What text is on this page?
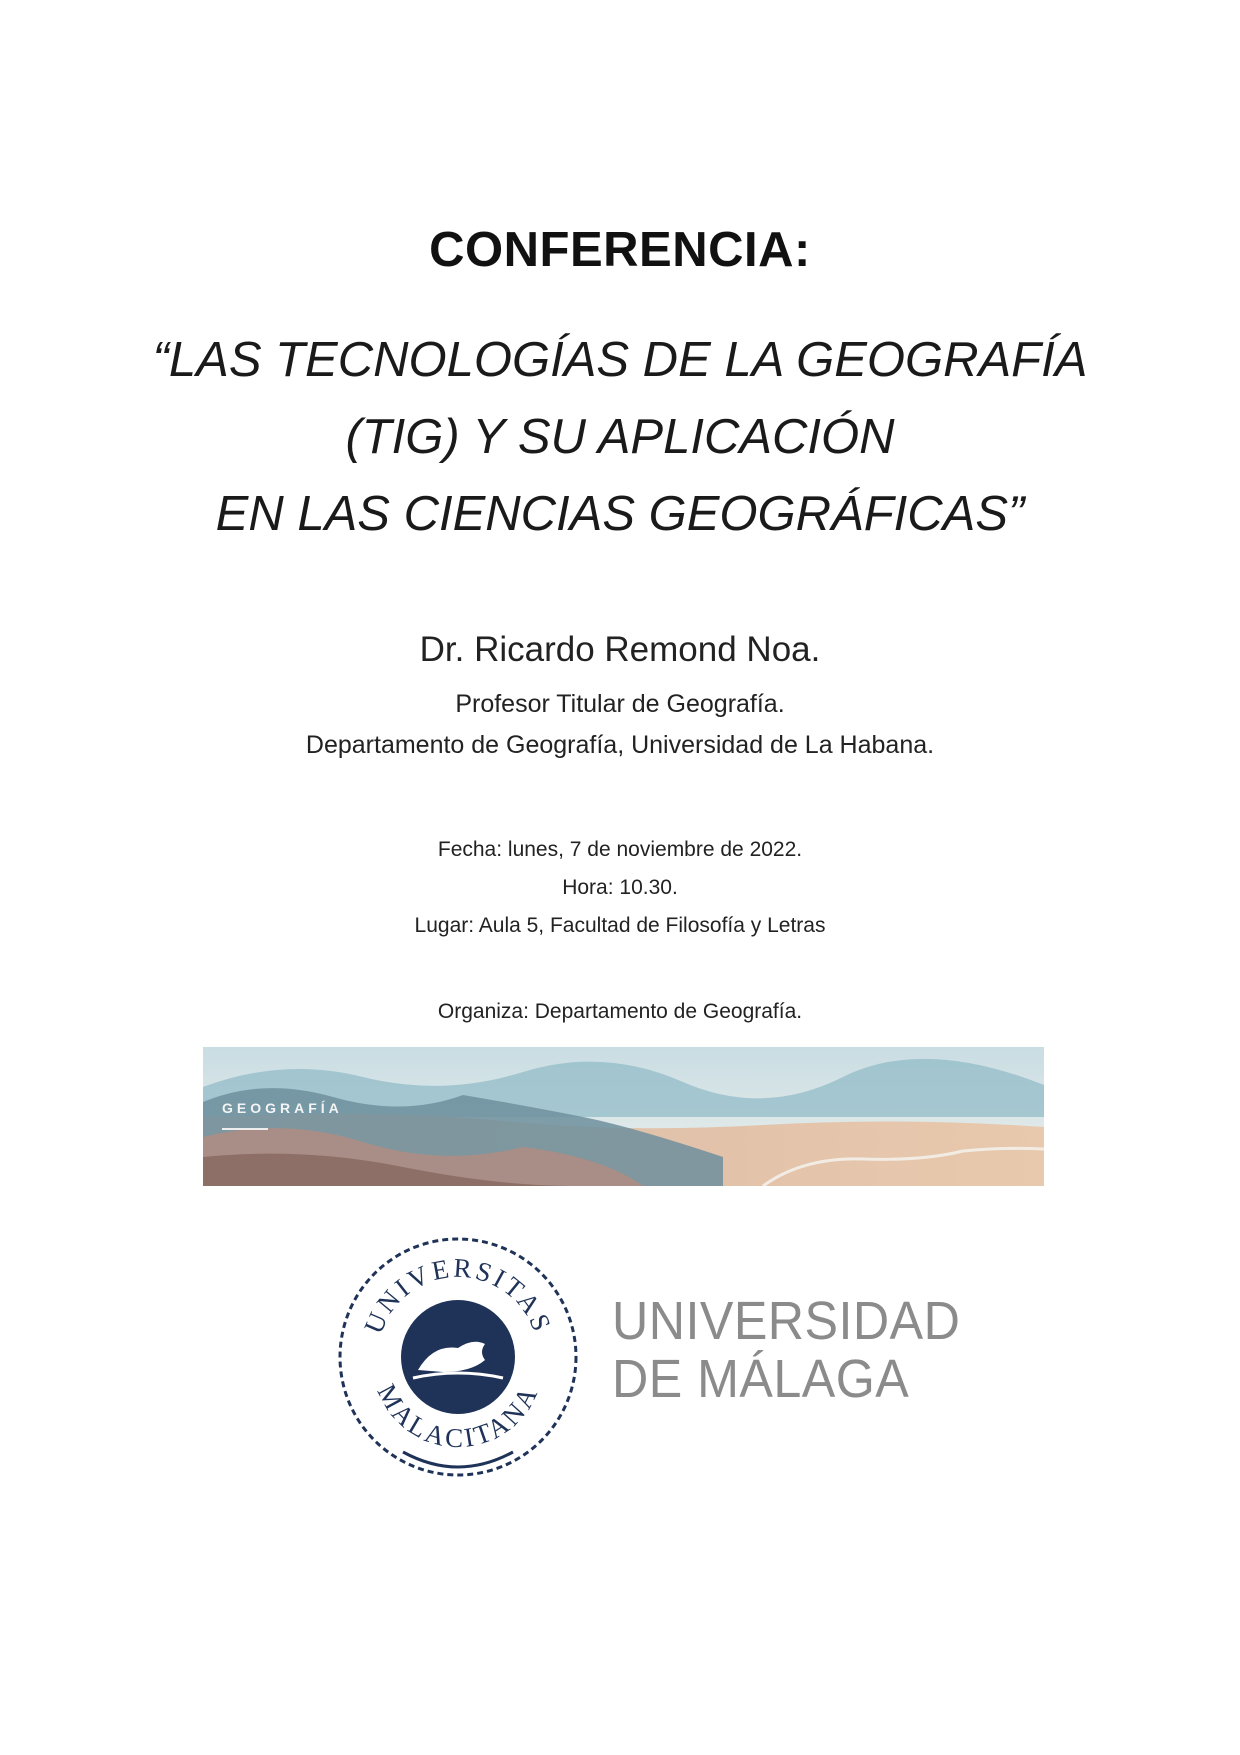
CONFERENCIA:
“LAS TECNOLOGÍAS DE LA GEOGRAFÍA
(TIG) Y SU APLICACIÓN
EN LAS CIENCIAS GEOGRÁFICAS”
Dr. Ricardo Remond Noa.
Profesor Titular de Geografía.
Departamento de Geografía, Universidad de La Habana.
Fecha: lunes, 7 de noviembre de 2022.
Hora: 10.30.
Lugar: Aula 5, Facultad de Filosofía y Letras
Organiza: Departamento de Geografía.
GEOGRAFÍA
UNIVERSITAS
MALACITANA
UNIVERSIDAD
DE MÁLAGA
